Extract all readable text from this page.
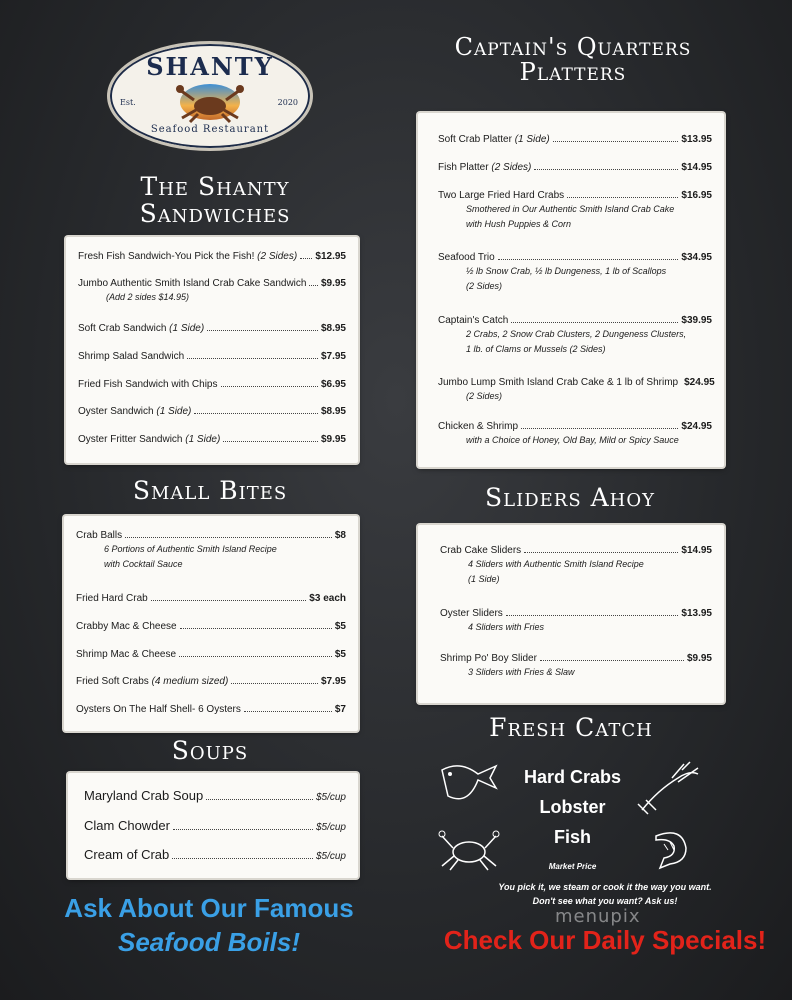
SHANTY
Est.	2020
Seafood Restaurant
The Shanty
Sandwiches
Fresh Fish Sandwich-You Pick the Fish! (2 Sides) $12.95
Jumbo Authentic Smith Island Crab Cake Sandwich $9.95
(Add 2 sides $14.95)
Soft Crab Sandwich (1 Side)	$8.95
Shrimp Salad Sandwich	$7.95
Fried Fish Sandwich with Chips	$6.95
Oyster Sandwich (1 Side)	$8.95
Oyster Fritter Sandwich (1 Side)	$9.95
Small Bites
Crab Balls	$8
6 Portions of Authentic Smith Island Recipe
with Cocktail Sauce
Fried Hard Crab	$3 each
Crabby Mac & Cheese	$5
Shrimp Mac & Cheese	$5
Fried Soft Crabs (4 medium sized)	$7.95
Oysters On The Half Shell- 6 Oysters	$7
Soups
Maryland Crab Soup	$5/cup
Clam Chowder	$5/cup
Cream of Crab	$5/cup
Ask About Our Famous
Seafood Boils!
Captain's Quarters
Platters
Soft Crab Platter (1 Side)	$13.95
Fish Platter (2 Sides)	$14.95
Two Large Fried Hard Crabs	$16.95
Smothered in Our Authentic Smith Island Crab Cake
with Hush Puppies & Corn
Seafood Trio	$34.95
½ lb Snow Crab, ½ lb Dungeness, 1 lb of Scallops
(2 Sides)
Captain's Catch	$39.95
2 Crabs, 2 Snow Crab Clusters, 2 Dungeness Clusters,
1 lb. of Clams or Mussels (2 Sides)
Jumbo Lump Smith Island Crab Cake & 1 lb of Shrimp $24.95
(2 Sides)
Chicken & Shrimp	$24.95
with a Choice of Honey, Old Bay, Mild or Spicy Sauce
Sliders Ahoy
Crab Cake Sliders	$14.95
4 Sliders with Authentic Smith Island Recipe
(1 Side)
Oyster Sliders	$13.95
4 Sliders with Fries
Shrimp Po' Boy Slider	$9.95
3 Sliders with Fries & Slaw
Fresh Catch
Hard Crabs
Lobster
Fish
Market Price
You pick it, we steam or cook it the way you want.
Don't see what you want? Ask us!
menupix
Check Our Daily Specials!
